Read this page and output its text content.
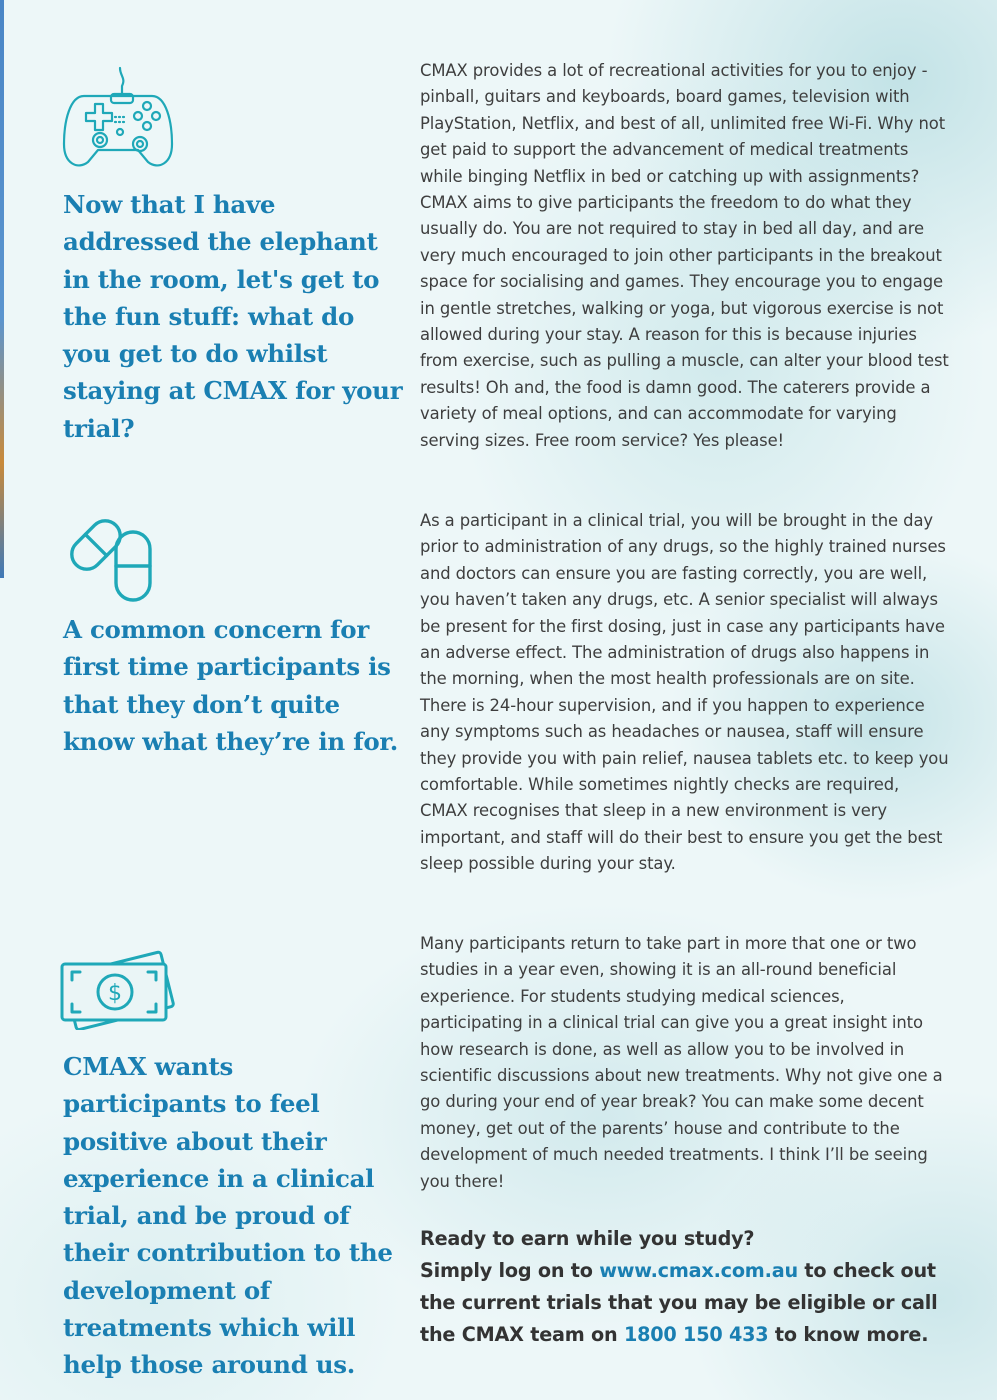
Now that I have addressed the elephant in the room, let's get to the fun stuff: what do you get to do whilst staying at CMAX for your trial?

CMAX provides a lot of recreational activities for you to enjoy - pinball, guitars and keyboards, board games, television with PlayStation, Netflix, and best of all, unlimited free Wi-Fi. Why not get paid to support the advancement of medical treatments while binging Netflix in bed or catching up with assignments? CMAX aims to give participants the freedom to do what they usually do. You are not required to stay in bed all day, and are very much encouraged to join other participants in the breakout space for socialising and games. They encourage you to engage in gentle stretches, walking or yoga, but vigorous exercise is not allowed during your stay. A reason for this is because injuries from exercise, such as pulling a muscle, can alter your blood test results! Oh and, the food is damn good. The caterers provide a variety of meal options, and can accommodate for varying serving sizes. Free room service? Yes please!

A common concern for first time participants is that they don’t quite know what they’re in for.

As a participant in a clinical trial, you will be brought in the day prior to administration of any drugs, so the highly trained nurses and doctors can ensure you are fasting correctly, you are well, you haven’t taken any drugs, etc. A senior specialist will always be present for the first dosing, just in case any participants have an adverse effect. The administration of drugs also happens in the morning, when the most health professionals are on site. There is 24-hour supervision, and if you happen to experience any symptoms such as headaches or nausea, staff will ensure they provide you with pain relief, nausea tablets etc. to keep you comfortable. While sometimes nightly checks are required, CMAX recognises that sleep in a new environment is very important, and staff will do their best to ensure you get the best sleep possible during your stay.

$

CMAX wants participants to feel positive about their experience in a clinical trial, and be proud of their contribution to the development of treatments which will help those around us.

Many participants return to take part in more that one or two studies in a year even, showing it is an all-round beneficial experience. For students studying medical sciences, participating in a clinical trial can give you a great insight into how research is done, as well as allow you to be involved in scientific discussions about new treatments. Why not give one a go during your end of year break? You can make some decent money, get out of the parents’ house and contribute to the development of much needed treatments. I think I’ll be seeing you there!

Ready to earn while you study?
Simply log on to www.cmax.com.au to check out the current trials that you may be eligible or call the CMAX team on 1800 150 433 to know more.
